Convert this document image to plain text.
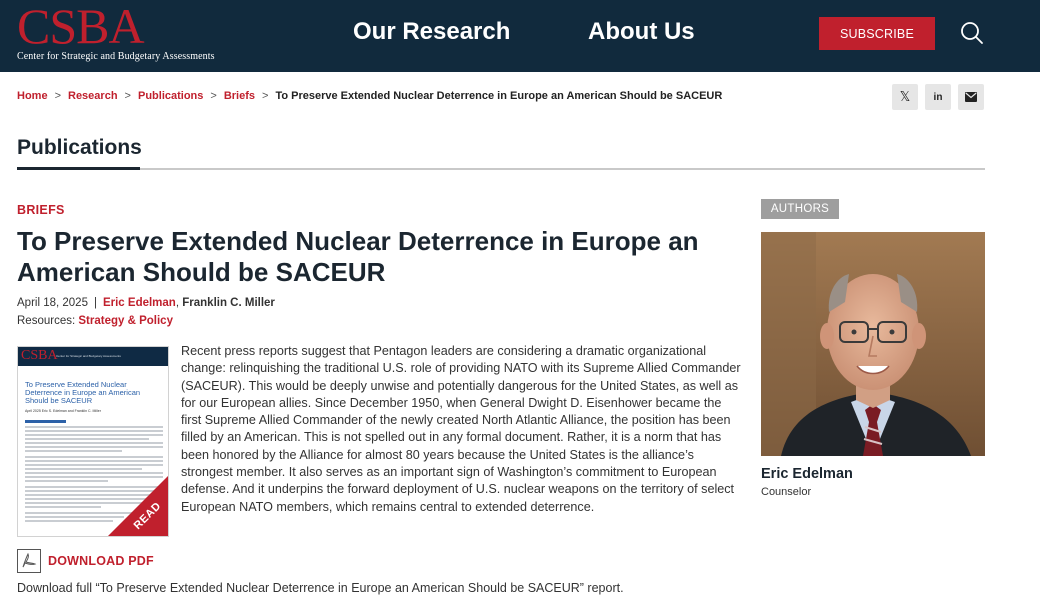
CSBA
Center for Strategic and Budgetary Assessments
Our Research	About Us	SUBSCRIBE
Home > Research > Publications > Briefs > To Preserve Extended Nuclear Deterrence in Europe an American Should be SACEUR	𝕏 in
Publications
BRIEFS
To Preserve Extended Nuclear Deterrence in Europe an American Should be SACEUR
April 18, 2025 | Eric Edelman, Franklin C. Miller
Resources: Strategy & Policy
CSBA
Center for Strategic and Budgetary Assessments
To Preserve Extended Nuclear Deterrence in Europe an American Should be SACEUR
April 2025 Eric S. Edelman and Franklin C. Miller
READ
Recent press reports suggest that Pentagon leaders are considering a dramatic organizational change: relinquishing the traditional U.S. role of providing NATO with its Supreme Allied Commander (SACEUR). This would be deeply unwise and potentially dangerous for the United States, as well as for our European allies. Since December 1950, when General Dwight D. Eisenhower became the first Supreme Allied Commander of the newly created North Atlantic Alliance, the position has been filled by an American. This is not spelled out in any formal document. Rather, it is a norm that has been honored by the Alliance for almost 80 years because the United States is the alliance’s strongest member. It also serves as an important sign of Washington’s commitment to European defense. And it underpins the forward deployment of U.S. nuclear weapons on the territory of select European NATO members, which remains central to extended deterrence.
DOWNLOAD PDF
Download full “To Preserve Extended Nuclear Deterrence in Europe an American Should be SACEUR” report.
AUTHORS
Eric Edelman
Counselor
